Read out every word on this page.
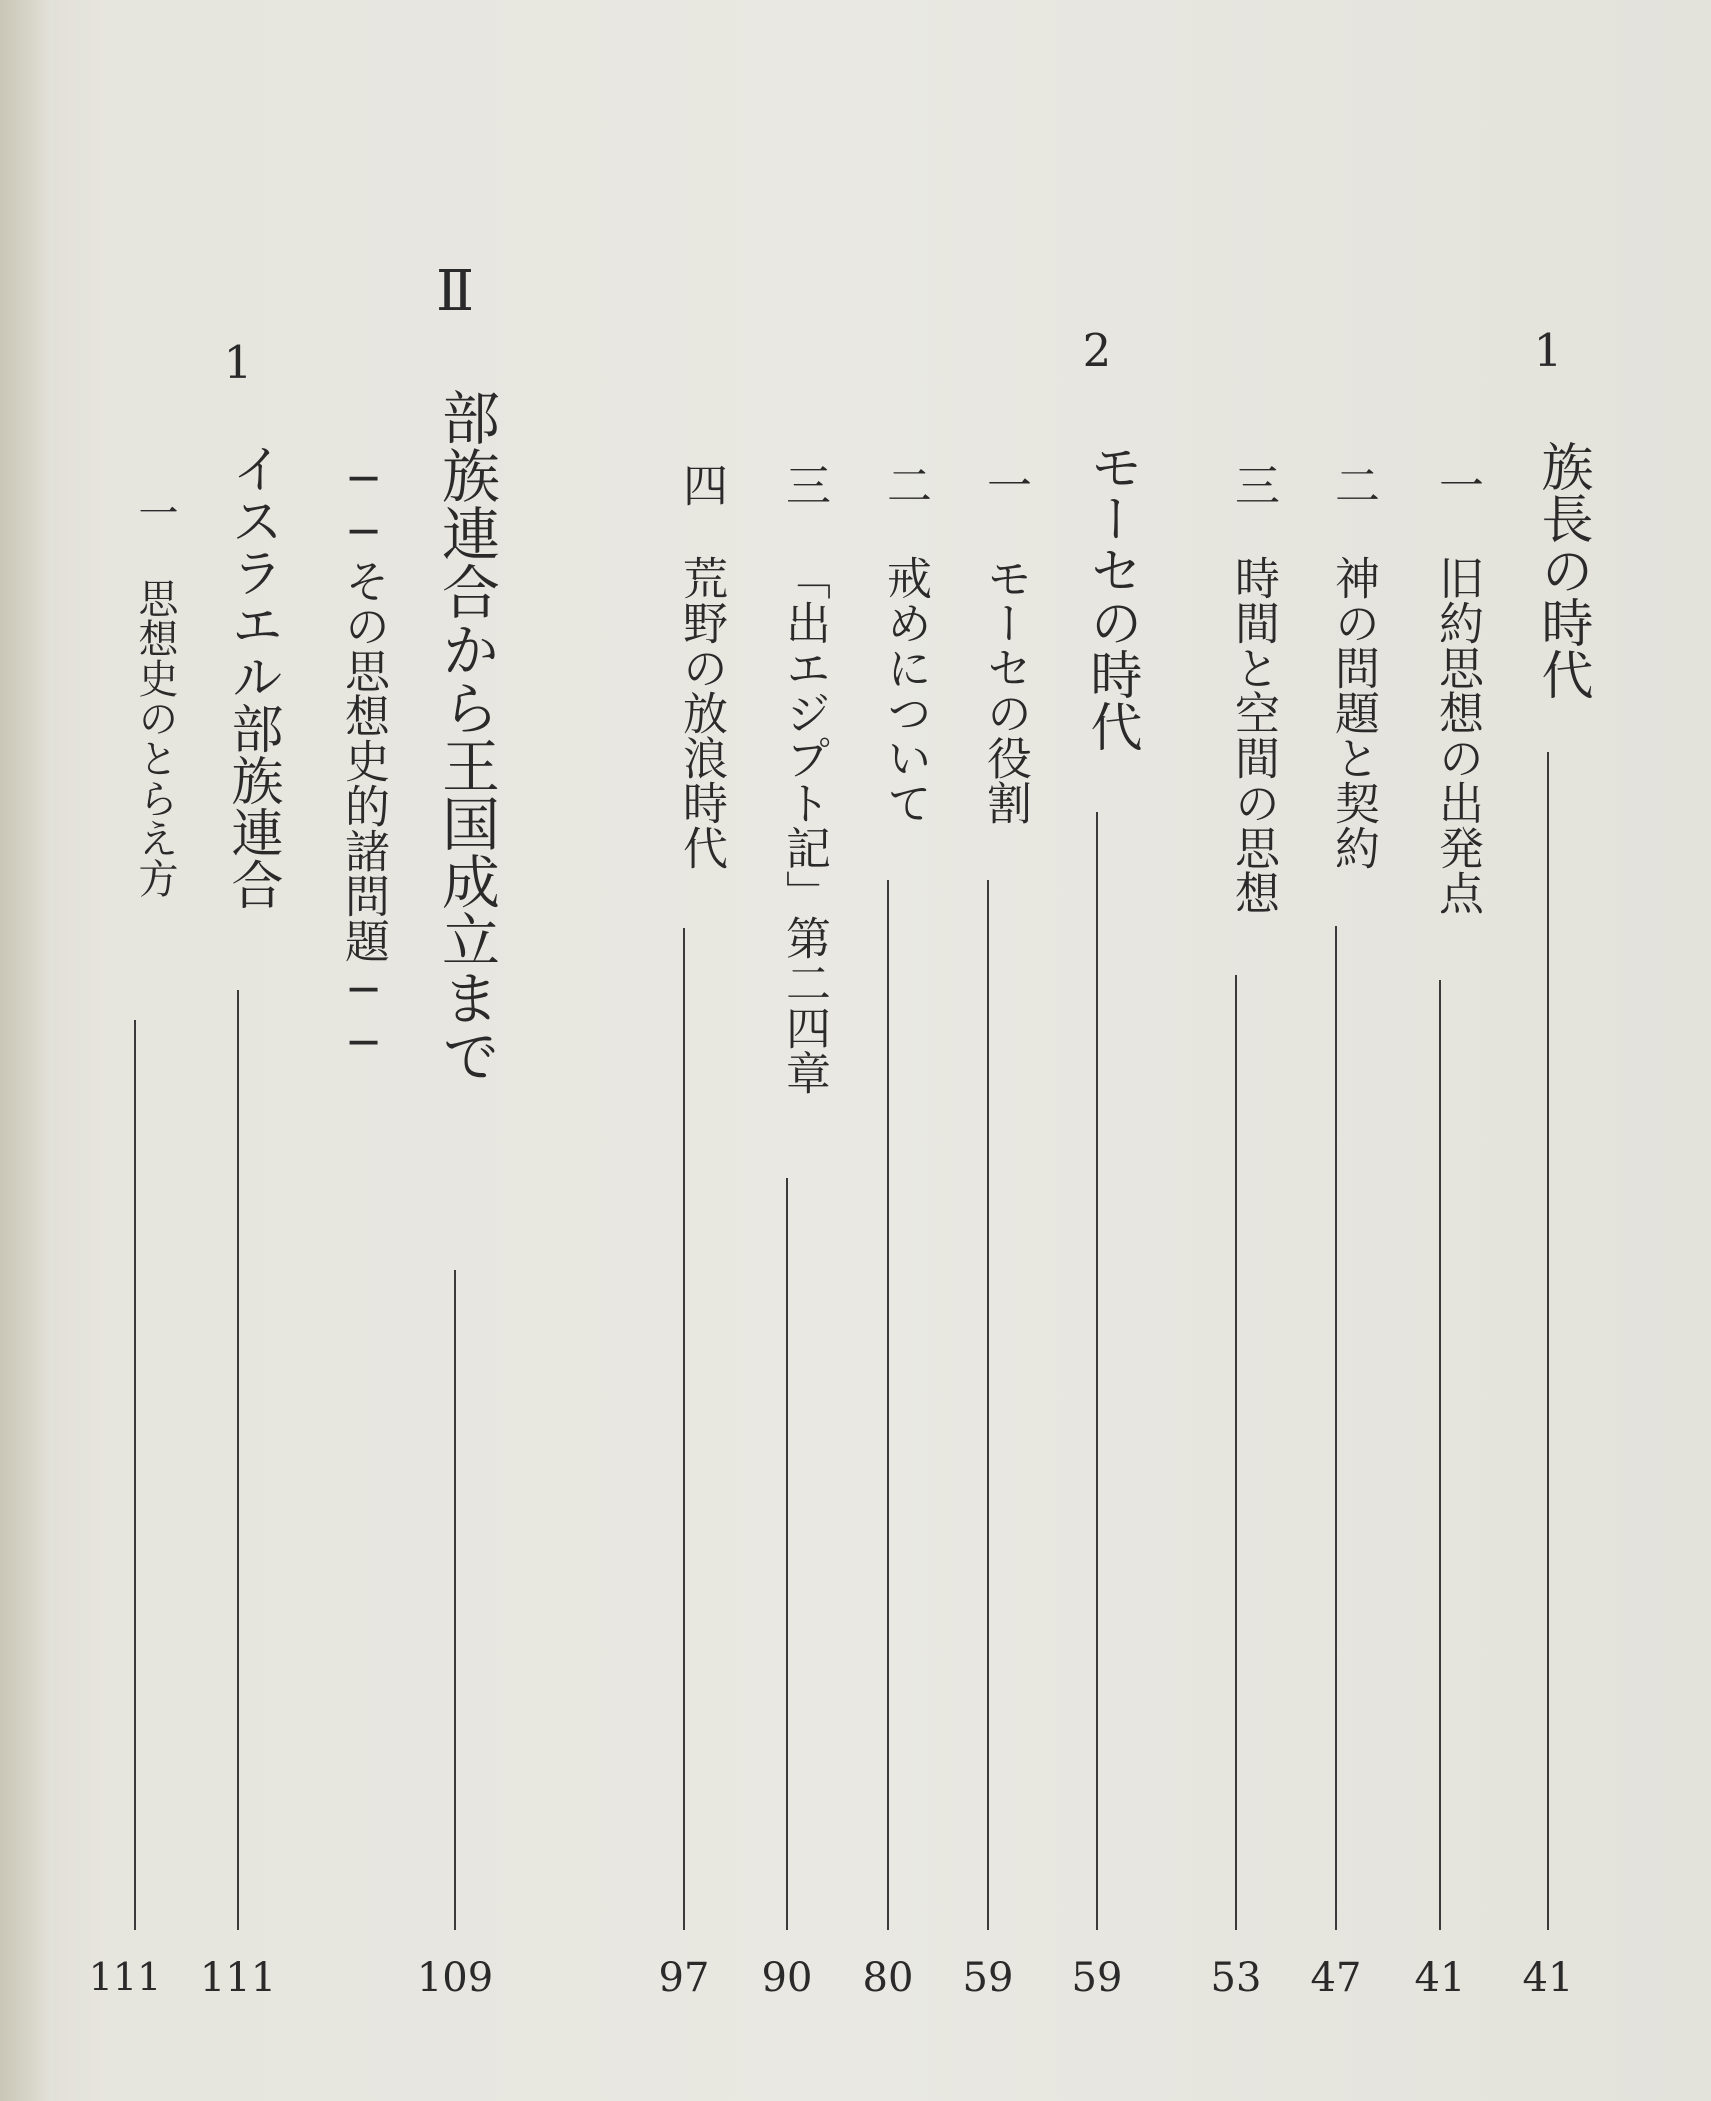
1
族長の時代
41
一
旧約思想の出発点
41
二
神の問題と契約
47
三
時間と空間の思想
53
2
モーセの時代
59
一
モーセの役割
59
二
戒めについて
80
三
「出エジプト記」第二四章
90
四
荒野の放浪時代
97
Ⅱ
部族連合から王国成立まで
109
──その思想史的諸問題──
1
イスラエル部族連合
111
一
思想史のとらえ方
111
